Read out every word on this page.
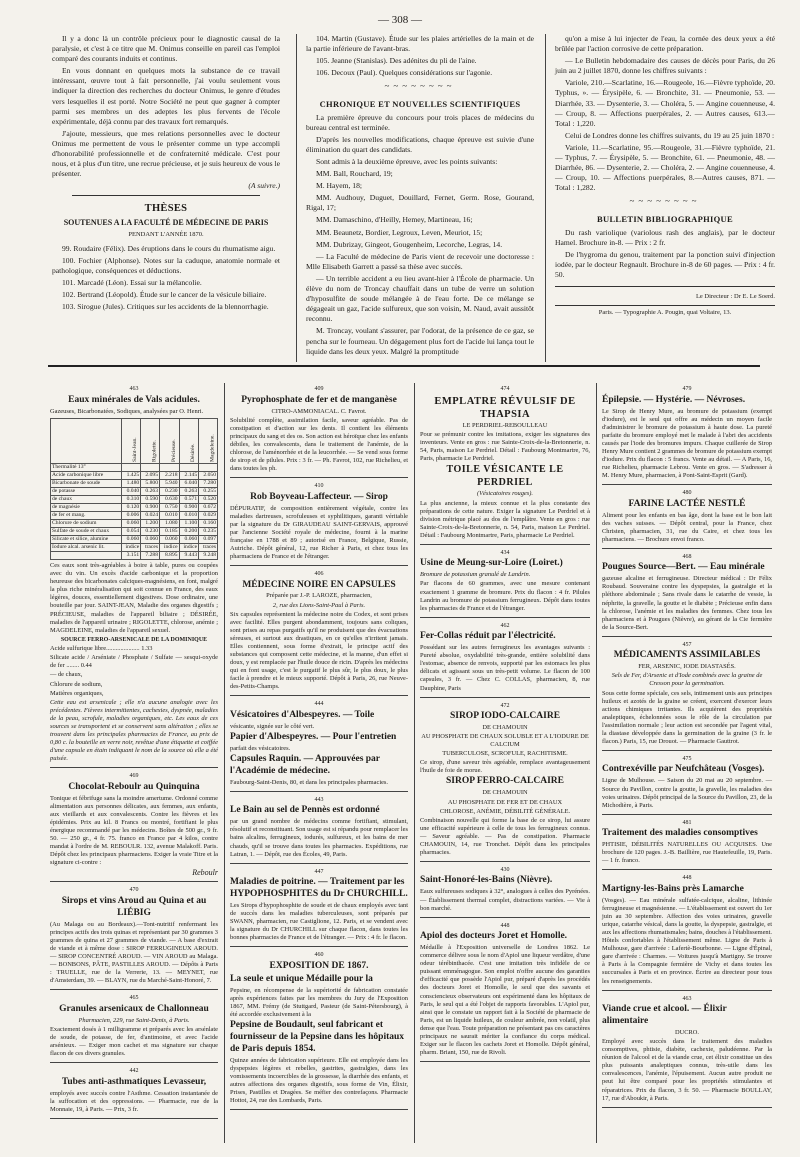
— 308 —

Il y a donc là un contrôle précieux pour le diagnostic causal de la paralysie, et c'est à ce titre que M. Onimus conseille en pareil cas l'emploi comparé des courants induits et continus.

En vous donnant en quelques mots la substance de ce travail intéressant, œuvre tout à fait personnelle, j'ai voulu seulement vous indiquer la direction des recherches du docteur Onimus, le genre d'études vers lesquelles il est porté. Notre Société ne peut que gagner à compter parmi ses membres un des adeptes les plus fervents de l'école expérimentale, déjà connu par des travaux fort remarqués.

J'ajoute, messieurs, que mes relations personnelles avec le docteur Onimus me permettent de vous le présenter comme un type accompli d'honorabilité professionnelle et de confraternité médicale. C'est pour nous, et à plus d'un titre, une recrue précieuse, et je suis heureux de vous le présenter.

(A suivre.)
THÈSES
SOUTENUES A LA FACULTÉ DE MÉDECINE DE PARIS
PENDANT L'ANNÉE 1870.

99. Roudaire (Félix). Des éruptions dans le cours du rhumatisme aigu.

100. Fochier (Alphonse). Notes sur la caduque, anatomie normale et pathologique, conséquences et déductions.

101. Marcadé (Léon). Essai sur la mélancolie.

102. Bertrand (Léopold). Étude sur le cancer de la vésicule biliaire.

103. Sirogue (Jules). Critiques sur les accidents de la blennorrhagie.

104. Martin (Gustave). Étude sur les plaies artérielles de la main et de la partie inférieure de l'avant-bras.

105. Jeanne (Stanislas). Des adénites du pli de l'aine.

106. Decoux (Paul). Quelques considérations sur l'agonie.

~~~~~~~~
CHRONIQUE ET NOUVELLES SCIENTIFIQUES

La première épreuve du concours pour trois places de médecins du bureau central est terminée.

D'après les nouvelles modifications, chaque épreuve est suivie d'une élimination du quart des candidats.

Sont admis à la deuxième épreuve, avec les points suivants:

MM. Ball, Rouchard, 19;

M. Hayem, 18;

MM. Audhouy, Duguet, Douillard, Fernet, Germ. Rose, Gourand, Rigal, 17;

MM. Damaschino, d'Heilly, Hemey, Martineau, 16;

MM. Beaunetz, Bordier, Legroux, Leven, Meuriot, 15;

MM. Dubrizay, Gingeot, Gougenheim, Lecorche, Legras, 14.

— La Faculté de médecine de Paris vient de recevoir une doctoresse : Mlle Elisabeth Garrett a passé sa thèse avec succès.

— Un terrible accident a eu lieu avant-hier à l'École de pharmacie. Un élève du nom de Troncay chauffait dans un tube de verre un solution d'hyposulfite de soude mélangée à de l'eau forte. De ce mélange se dégageait un gaz, l'acide sulfureux, que son voisin, M. Naud, avait aussitôt reconnu.

M. Troncay, voulant s'assurer, par l'odorat, de la présence de ce gaz, se pencha sur le fourneau. Un dégagement plus fort de l'acide lui lança tout le liquide dans les deux yeux. Malgré la promptitude

qu'on a mise à lui injecter de l'eau, la cornée des deux yeux a été brûlée par l'action corrosive de cette préparation.

— Le Bulletin hebdomadaire des causes de décès pour Paris, du 26 juin au 2 juillet 1870, donne les chiffres suivants :

Variole, 210.—Scarlatine, 16.—Rougeole, 16.—Fièvre typhoïde, 20. Typhus, ». — Érysipèle, 6. — Bronchite, 31. — Pneumonie, 53. — Diarrhée, 33. — Dysenterie, 3. — Choléra, 5. — Angine couenneuse, 4. — Croup, 8. — Affections puerpérales, 2. — Autres causes, 613.— Total : 1,220.

Celui de Londres donne les chiffres suivants, du 19 au 25 juin 1870 :

Variole, 11.—Scarlatine, 95.—Rougeole, 31.—Fièvre typhoïde, 21. — Typhus, 7. — Érysipèle, 5. — Bronchite, 61. — Pneumonie, 48. — Diarrhée, 86. — Dysenterie, 2. — Choléra, 2. — Angine couenneuse, 4.— Croup, 10. — Affections puerpérales, 8.—Autres causes, 871. — Total : 1,282.

~~~~~~~~
BULLETIN BIBLIOGRAPHIQUE

Du rash variolique (variolous rash des anglais), par le docteur Hamel. Brochure in-8. — Prix : 2 fr.

De l'hygroma du genou, traitement par la ponction suivi d'injection iodée, par le docteur Regnault. Brochure in-8 de 60 pages. — Prix : 4 fr. 50.

Le Directeur : Dr E. Le Soerd.
Paris. — Typographie A. Pougin, quai Voltaire, 13.
463
Eaux minérales de Vals acidules.

Gazeuses, Bicarbonatées, Sodiques, analysées par O. Henri.

	Saint-Jean.	Rigolette.	Précieuse.	Désirée.	Magdeleine.
Thermalité 13°					
Acide carbonique libre	1.425	2.095	2.218	2.145	2.050
Bicarbonate de soude	1.480	5.800	5.940	6.040	7.280
de potasse	0.040	0.263	0.230	0.263	0.255
de chaux	0.310	0.590	0.630	0.571	0.520
de magnésie	0.120	0.900	0.750	0.900	0.672
de fer et mang.	0.006	0.024	0.010	0.010	0.029
Chlorure de sodium	0.060	1.200	1.080	1.100	0.160
Sulfate de soude et chaux	0.054	0.230	0.185	0.200	0.235
Silicate et silice, alumine	0.060	0.060	0.060	0.060	0.097
Iodure alcal. arsenic lit.	indice	traces	indice	indice	traces
	3.151	7.288	8.895	9.443	9.248

Ces eaux sont très-agréables à boire à table, pures ou coupées avec du vin. Un excès d'acide carbonique et la proportion heureuse des bicarbonates calciques-magnésiens, en font, malgré la plus riche minéralisation qui soit connue en France, des eaux légères, douces, essentiellement digestives. Dose ordinaire, une bouteille par jour. SAINT-JEAN, Maladie des organes digestifs ; PRÉCIEUSE, maladies de l'appareil biliaire ; DÉSIRÉE, maladies de l'appareil urinaire ; RIGOLETTE, chlorose, anémie ; MAGDELEINE, maladies de l'appareil sexuel.

SOURCE FERRO-ARSENICALE DE LA DOMINIQUE

Acide sulfurique libre..................... 1.33

Silicate acide / Arséniate / Phosphate / Sulfate — sesqui-oxyde de fer ........ 0.44

— de chaux,

Chlorure de sodium,

Matières organiques,

Cette eau est arsenicale ; elle n'a aucune analogie avec les précédentes. Fièvres intermittentes, cachexies, dyspnée, maladies de la peau, scrofule, maladies organiques, etc. Les eaux de ces sources se transportent et se conservent sans altération ; elles se trouvent dans les principales pharmacies de France, au prix de 0,80 c. la bouteille en verre noir, revêtue d'une étiquette et coiffée d'une capsule en étain indiquant le nom de la source où elle a été puisée.

469
Chocolat-Reboulr au Quinquina

Tonique et fébrifuge sans la moindre amertume. Ordonné comme alimentation aux personnes délicates, aux femmes, aux enfants, aux vieillards et aux convalescents. Contre les fièvres et les épidémies. Prix au kil. 8 Francs ou montré, fortifiant le plus énergique recommandé par les médecins. Boîtes de 500 gr., 9 fr. 50. — 250 gr., 4 fr. 75. franco en France par 4 kilos, contre mandat à l'ordre de M. REBOULR. 132, avenue Malakoff. Paris. Dépôt chez les principaux pharmaciens. Exiger la vraie Titre et la signature ci-contre :

Reboulr
470
Sirops et vins Aroud au Quina et au LIÉBIG

(Au Malaga ou au Bordeaux).—Tont-nutritif renfermant les principes actifs des trois quinas et représentant par 30 grammes 3 grammes de quina et 27 grammes de viande. — A base d'extrait de viande et à même dose : SIROP FERRUGINEUX AROUD. — SIROP CONCENTRÉ AROUD. — VIN AROUD au Malaga. — BONBONS, PÂTE, PASTILLES AROUD. — Dépôts à Paris : TRUELLE, rue de la Verrerie, 13. — MEYNET, rue d'Amsterdam, 39. — BLAYN, rue du Marché-Saint-Honoré, 7.

465
Granules arsenicaux de Challonneau

Pharmacien, 229, rue Saint-Denis, à Paris.

Exactement dosés à 1 milligramme et préparés avec les arsénlate de soude, de potasse, de fer, d'antimoine, et avec l'acide arsénieux. — Exiger mon cachet et ma signature sur chaque flacon de ces divers granules.

442
Tubes anti-asthmatiques Levasseur,

employés avec succès contre l'Asthme. Cessation instantanée de la suffocation et des oppressions. — Pharmacie, rue de la Monnaie, 19, à Paris. — Prix, 3 fr.

409
Pyrophosphate de fer et de manganèse

CITRO-AMMONIACAL. C. Favrot.

Solubilité complète, assimilation facile, saveur agréable. Pas de constipation et d'action sur les dents. Il contient les éléments principaux du sang et des os. Son action est héroïque chez les enfants débiles, les convalescents, dans le traitement de l'anémie, de la chlorose, de l'aménorrhée et de la leucorrhée. — Se vend sous forme de sirop et de pilules. Prix : 3 fr. — Ph. Favrot, 102, rue Richelieu, et dans toutes les ph.

410
Rob Boyveau-Laffecteur. — Sirop

DÉPURATIF, de composition entièrement végétale, contre les maladies dartreuses, scrofuleuses et syphilitiques, garanti véritable par la signature du Dr GIRAUDEAU SAINT-GERVAIS, approuvé par l'ancienne Société royale de médecine, fourni à la marine française en 1788 et 89 ; autorisé en France, Belgique, Russie, Autriche. Dépôt général, 12, rue Richer à Paris, et chez tous les pharmaciens de France et de l'étranger.

406
MÉDECINE NOIRE EN CAPSULES

Préparée par J.-P. LAROZE, pharmacien,

2, rue des Lions-Saint-Paul à Paris.

Six capsules représentent la médecine noire du Codex, et sont prises avec facilité. Elles purgent abondamment, toujours sans coliques, sont prises au repas purgatifs qu'il ne produisent que des évacuations séreuses, et surtout aux drastiques, en ce qu'elles n'irritent jamais. Elles contiennent, sous forme d'extrait, le principe actif des substances qui composent cette médecine, et la manne, d'un effet si doux, y est remplacée par l'huile douce de ricin. D'après les médecins qui en font usage, c'est le purgatif le plus sûr, le plus doux, le plus facile à prendre et le mieux supporté. Dépôt à Paris, 26, rue Neuve-des-Petits-Champs.

444
Vésicatoires d'Albespeyres. — Toile

vésicante, signée sur le côté vert.

Papier d'Albespeyres. — Pour l'entretien

parfait des vésicatoires.

Capsules Raquin. — Approuvées par l'Académie de médecine.

Faubourg-Saint-Denis, 80, et dans les principales pharmacies.

443
Le Bain au sel de Pennès est ordonné

par un grand nombre de médecins comme fortifiant, stimulant, résolutif et reconstituant. Son usage est si répandu pour remplacer les bains alcalins, ferrugineux, iodurés, sulfureux, et les bains de mer chauds, qu'il se trouve dans toutes les pharmacies. Expéditions, rue Latran, 1. — Dépôt, rue des Écoles, 49, Paris.

447
Maladies de poitrine. — Traitement par les HYPOPHOSPHITES du Dr CHURCHILL.

Les Sirops d'hypophosphite de soude et de chaux employés avec tant de succès dans les maladies tuberculeuses, sont préparés par SWANN, pharmacien, rue Castiglione, 12. Paris, et se vendent avec la signature du Dr CHURCHILL sur chaque flacon, dans toutes les bonnes pharmacies de France et de l'étranger. — Prix : 4 fr. le flacon.

460
EXPOSITION DE 1867.
La seule et unique Médaille pour la

Pepsine, en récompense de la supériorité de fabrication constatée après expériences faites par les membres du Jury de l'Exposition 1867, MM. Frémy (de Stuttgard, Pasteur (de Saint-Pétersbourg), à été accordée exclusivement à la

Pepsine de Boudault, seul fabricant et fournisseur de la Pepsine dans les hôpitaux de Paris depuis 1854.

Quinze années de fabrication supérieure. Elle est employée dans les dyspepsies légères et rebelles, gastrites, gastralgies, dans les vomissements incoercibles de la grossesse, la diarrhée des enfants, et autres affections des organes digestifs, sous forme de Vin, Élixir, Prises, Pastilles et Dragées. Se méfier des contrefaçons. Pharmacie Hottot, 24, rue des Lombards, Paris.

474
EMPLATRE RÉVULSIF DE THAPSIA

LE PERDRIEL-REBOULLEAU

Pour se prémunir contre les imitations, exiger les signatures des inventeurs. Vente en gros : rue Sainte-Croix-de-la-Bretonnerie, n. 54, Paris, maison Le Perdriel. Détail : Faubourg Montmartre, 76, Paris, pharmacie Le Perdriel.

TOILE VÉSICANTE LE PERDRIEL

(Vésicatoires rouges).

La plus ancienne, la mieux connue et la plus constante des préparations de cette nature. Exiger la signature Le Perdriel et à division métrique placé au dos de l'emplâtre. Vente en gros : rue Sainte-Croix-de-la-Bretonnerie, n. 54, Paris, maison Le Perdriel. Détail : Faubourg Montmartre, Paris, pharmacie Le Perdriel.

434
Usine de Meung-sur-Loire (Loiret.)

Bromure de potassium granulé de Landrin.

Par flacons de 60 grammes, avec une mesure contenant exactement 1 gramme de bromure. Prix du flacon : 4 fr. Pilules Landrin au bromure de potassium ferrugineux. Dépôt dans toutes les pharmacies de France et de l'étranger.

462
Fer-Collas réduit par l'électricité.

Possédant sur les autres ferrugineux les avantages suivants : Pureté absolue, oxydabilité très-grande, entière solubilité dans l'estomac, absence de renvois, supporté par les estomacs les plus délicats et agissant sous un très-petit volume. Le flacon de 100 capsules, 3 fr. — Chez C. COLLAS, pharmacien, 8, rue Dauphine, Paris

472
SIROP IODO-CALCAIRE

DE CHAMOUIN

AU PHOSPHATE DE CHAUX SOLUBLE ET A L'IODURE DE CALCIUM

TUBERCULOSE, SCROFULE, RACHITISME.

Ce sirop, d'une saveur très agréable, remplace avantageusement l'huile de foie de morue.

SIROP FERRO-CALCAIRE

DE CHAMOUIN

AU PHOSPHATE DE FER ET DE CHAUX

CHLOROSE, ANÉMIE, DÉBILITÉ GÉNÉRALE.

Combinaison nouvelle qui forme la base de ce sirop, lui assure une efficacité supérieure à celle de tous les ferrugineux connus. — Saveur agréable. — Pas de constipation. Pharmacie CHAMOUIN, 14, rue Tronchet. Dépôt dans les principales pharmacies.

430
Saint-Honoré-les-Bains (Nièvre).

Eaux sulfureuses sodiques à 32°, analogues à celles des Pyrénées. — Établissement thermal complet, distractions variées. — Vie à bon marché.

448
Apiol des docteurs Joret et Homolle.

Médaille à l'Exposition universelle de Londres 1862. Le commerce délivre sous le nom d'Apiol une liqueur verdâtre, d'une odeur térébinthacée. C'est une imitation très infidèle de ce puissant emménagogue. Son emploi n'offre aucune des garanties d'efficacité que possède l'Apiol pur, préparé d'après les procédés des docteurs Joret et Homolle, le seul que des savants et consciencieux observateurs ont expérimenté dans les hôpitaux de Paris, le seul qui a été l'objet de rapports favorables. L'Apiol pur, ainsi que le constate un rapport fait à la Société de pharmacie de Paris, est un liquide huileux, de couleur ambrée, non volatil, plus dense que l'eau. Toute préparation ne présentant pas ces caractères principaux ne saurait mériter la confiance du corps médical. Exiger sur le flacon les cachets Joret et Homolle. Dépôt général, pharm. Briant, 150, rue de Rivoli.

479
Épilepsie. — Hystérie. — Névroses.

Le Sirop de Henry Mure, au bromure de potassium (exempt d'iodure), est le seul qui offre au médecin un moyen facile d'administrer le bromure de potassium à haute dose. La pureté parfaite du bromure employé met le malade à l'abri des accidents causés par l'iode des bromures impurs. Chaque cuillerée de Sirop Henry Mure contient 2 grammes de bromure de potassium exempt d'iodure. Prix du flacon : 5 francs. Vente au détail. — A Paris, 16, rue Richelieu, pharmacie Lebrou. Vente en gros. — S'adresser à M. Henry Mure, pharmacien, à Pont-Saint-Esprit (Gard).

480
FARINE LACTÉE NESTLÉ

Aliment pour les enfants en bas âge, dont la base est le bon lait des vaches suisses. — Dépôt central, pour la France, chez Christen, pharmacien, 31, rue du Caire, et chez tous les pharmaciens. — Brochure envoi franco.

468
Pougues Source—Bert. — Eau minérale

gazeuse alcaline et ferrugineuse. Directeur médical : Dr Félix Roubaud. Souveraine contre les dyspepsies, la gastralgie et la pléthore abdominale ; Sans rivale dans le catarrhe de vessie, la néphrite, la gravelle, la goutte et le diabète ; Précieuse enfin dans la chlorose, l'anémie et les maladies des femmes. Chez tous les pharmaciens et à Pougues (Nièvre), au gérant de la Cie fermière de la Source-Bert.

457
MÉDICAMENTS ASSIMILABLES

FER, ARSENIC, IODE DIASTASÉS.

Sels de Fer, d'Arsenic et d'Iode combinés avec la graine de Cresson pour la germination.

Sous cette forme spéciale, ces sels, intimement unis aux principes huileux et azotés de la graine se créent, exercent d'exercer leurs actions chimiques irritantes. Ils acquièrent des propriétés analeptiques, échelonnées sous le rôle de la circulation par l'assimilation normale ; leur action est secondée par l'agent vital, la diastase développée dans la germination de la graine (3 fr. le flacon.) Paris, 15, rue Drouot. — Pharmacie Gauttrot.

475
Contrexéville par Neufchâteau (Vosges).

Ligne de Mulhouse. — Saison du 20 mai au 20 septembre. — Source du Pavillon, contre la goutte, la gravelle, les maladies des voies urinaires. Dépôt principal de la Source du Pavillon, 23, de la Michodière, à Paris.

481
Traitement des maladies consomptives

PHTISIE, DÉBILITÉS NATURELLES OU ACQUISES. Une brochure de 120 pages. J.-B. Baillière, rue Hautefeuille, 19, Paris. — 1 fr. franco.

448
Martigny-les-Bains près Lamarche

(Vosges). — Eau minérale sulfatée-calcique, alcaline, lithinée ferrugineuse et magnésienne. — L'établissement est ouvert du 1er juin au 30 septembre. Affection des voies urinaires, gravelle urique, catarrhe vésical, dans la goutte, la dyspepsie, gastralgie, et aux les affections rhumatismales; bains, douches à l'établissement. Hôtels confortables à l'établissement même. Ligne de Paris à Mulhouse, gare d'arrivée : Lafertè-Bourbonne. — Ligne d'Épinal, gare d'arrivée : Charmes. — Voitures jusqu'à Martigny. Se trouve à Paris à la Compagnie fermière de Vichy et dans toutes les succursales à Paris et en province. Écrire au directeur pour tous les renseignements.

463
Viande crue et alcool. — Élixir alimentaire

DUCRO.

Employé avec succès dans le traitement des maladies consomptives, phtisie, diabète, cachexie, paludéenne. Par la réunion de l'alcool et de la viande crue, cet élixir constitue un des plus puissants analeptiques connus, très-utile dans les convalescences, l'anémie, l'épuisement. Aucun autre produit ne peut lui être comparé pour les propriétés stimulantes et réparatrices. Prix du flacon, 3 fr. 50. — Pharmacie BOULLAY, 17, rue d'Aboukir, à Paris.
